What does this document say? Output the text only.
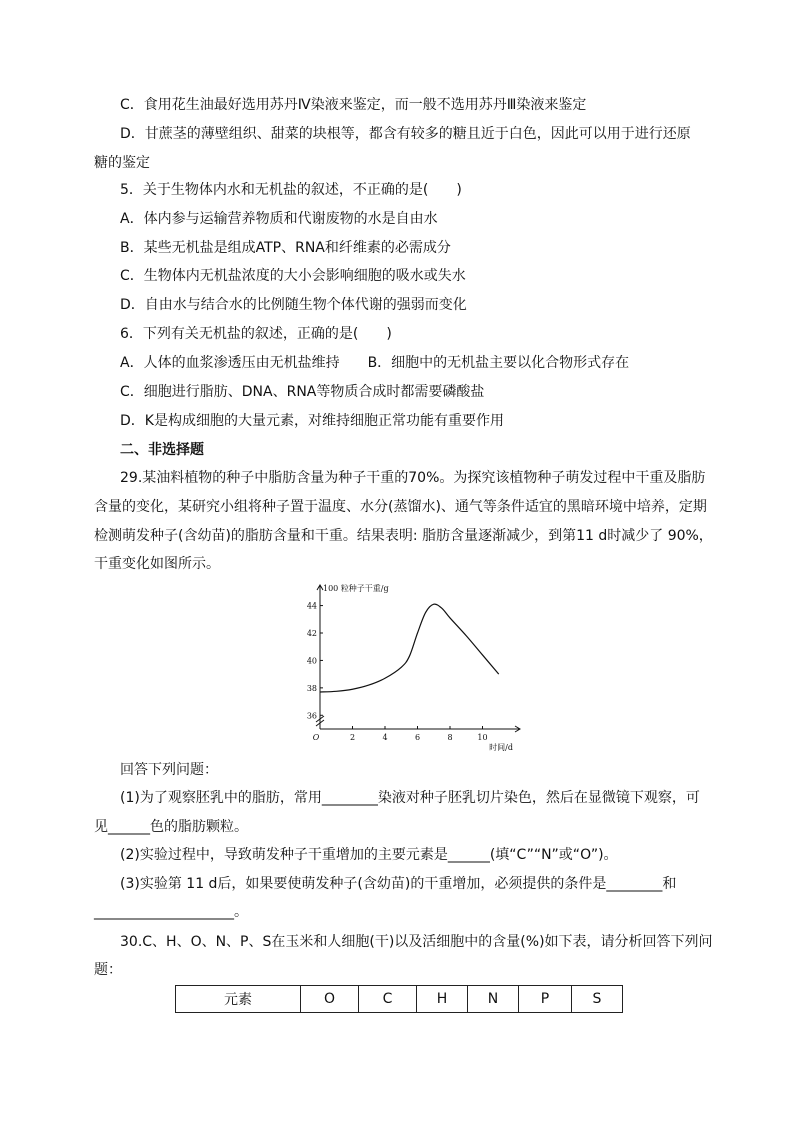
C．食用花生油最好选用苏丹Ⅳ染液来鉴定，而一般不选用苏丹Ⅲ染液来鉴定
D．甘蔗茎的薄壁组织、甜菜的块根等，都含有较多的糖且近于白色，因此可以用于进行还原
糖的鉴定
5．关于生物体内水和无机盐的叙述，不正确的是(　　)
A．体内参与运输营养物质和代谢废物的水是自由水
B．某些无机盐是组成ATP、RNA和纤维素的必需成分
C．生物体内无机盐浓度的大小会影响细胞的吸水或失水
D．自由水与结合水的比例随生物个体代谢的强弱而变化
6．下列有关无机盐的叙述，正确的是(　　)
A．人体的血浆渗透压由无机盐维持　　B．细胞中的无机盐主要以化合物形式存在
C．细胞进行脂肪、DNA、RNA等物质合成时都需要磷酸盐
D．K是构成细胞的大量元素，对维持细胞正常功能有重要作用
二、非选择题
29.某油料植物的种子中脂肪含量为种子干重的70%。为探究该植物种子萌发过程中干重及脂肪
含量的变化，某研究小组将种子置于温度、水分(蒸馏水)、通气等条件适宜的黑暗环境中培养，定期
检测萌发种子(含幼苗)的脂肪含量和干重。结果表明: 脂肪含量逐渐减少，到第11 d时减少了 90%，
干重变化如图所示。
36
38
40
42
44
2	4	6	8	10
O
100 粒种子干重/g
时间/d
回答下列问题：
(1)为了观察胚乳中的脂肪，常用________染液对种子胚乳切片染色，然后在显微镜下观察，可
见______色的脂肪颗粒。
(2)实验过程中，导致萌发种子干重增加的主要元素是______(填“C”“N”或“O”)。
(3)实验第 11 d后，如果要使萌发种子(含幼苗)的干重增加，必须提供的条件是________和
____________________。
30.C、H、O、N、P、S在玉米和人细胞(干)以及活细胞中的含量(%)如下表，请分析回答下列问
题：
元素	O	C	H	N	P	S
